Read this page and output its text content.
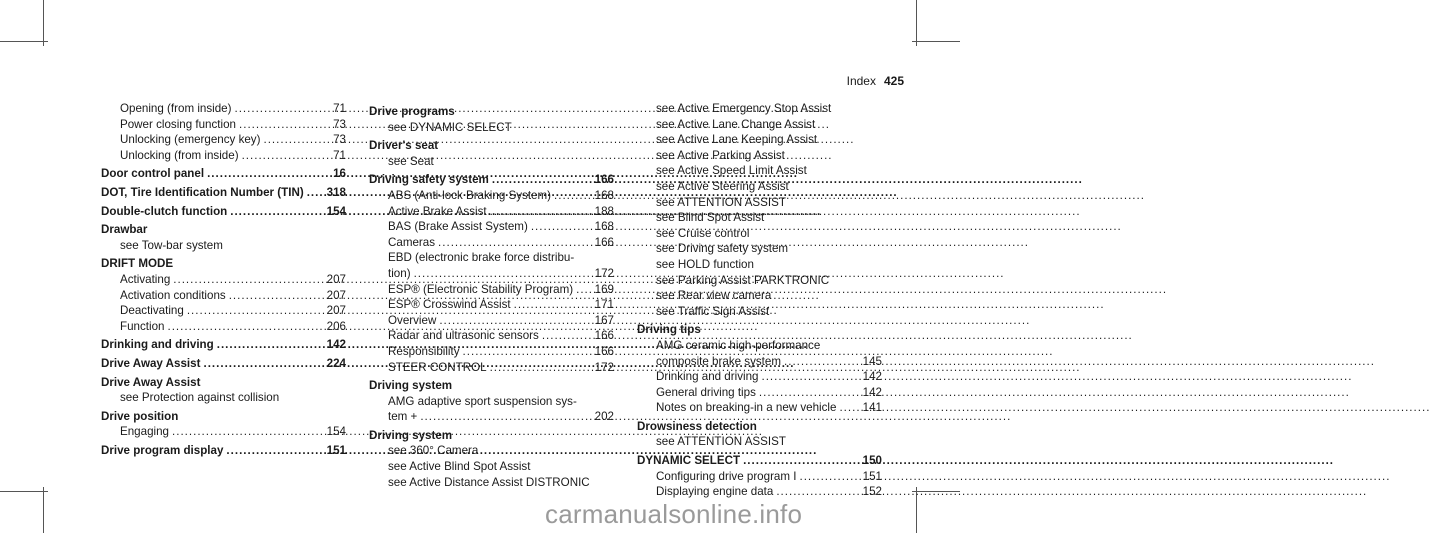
Index 425
Opening (from inside) .....	71
Power closing function .....	73
Unlocking (emergency key) .....	73
Unlocking (from inside) .....	71
Door control panel .....	16
DOT, Tire Identification Number (TIN) ..... 318
Double-clutch function .....	154
Drawbar
see Tow-bar system
DRIFT MODE
Activating .....	207
Activation conditions .....	207
Deactivating .....	207
Function .....	206
Drinking and driving .....	142
Drive Away Assist .....	224
Drive Away Assist
see Protection against collision
Drive position
Engaging .....	154
Drive program display .....	151
Drive programs
see DYNAMIC SELECT
Driver's seat
see Seat
Driving safety system .....	166
ABS (Anti-lock Braking System) .....	168
Active Brake Assist .....	188
BAS (Brake Assist System) .....	168
Cameras .....	166
EBD (electronic brake force distribu-
tion) .....	172
ESP® (Electronic Stability Program) ..... 169
ESP® Crosswind Assist .....	171
Overview .....	167
Radar and ultrasonic sensors .....	166
Responsibility .....	166
STEER CONTROL .....	172
Driving system
AMG adaptive sport suspension sys-
tem + .....	202
Driving system
see 360° Camera
see Active Blind Spot Assist
see Active Distance Assist DISTRONIC
see Active Emergency Stop Assist
see Active Lane Change Assist
see Active Lane Keeping Assist
see Active Parking Assist
see Active Speed Limit Assist
see Active Steering Assist
see ATTENTION ASSIST
see Blind Spot Assist
see Cruise control
see Driving safety system
see HOLD function
see Parking Assist PARKTRONIC
see Rear view camera
see Traffic Sign Assist
Driving tips
AMG ceramic high-performance
composite brake system .....	145
Drinking and driving .....	142
General driving tips .....	142
Notes on breaking-in a new vehicle ..... 141
Drowsiness detection
see ATTENTION ASSIST
DYNAMIC SELECT .....	150
Configuring drive program I .....	151
Displaying engine data .....	152
carmanualsonline.info
